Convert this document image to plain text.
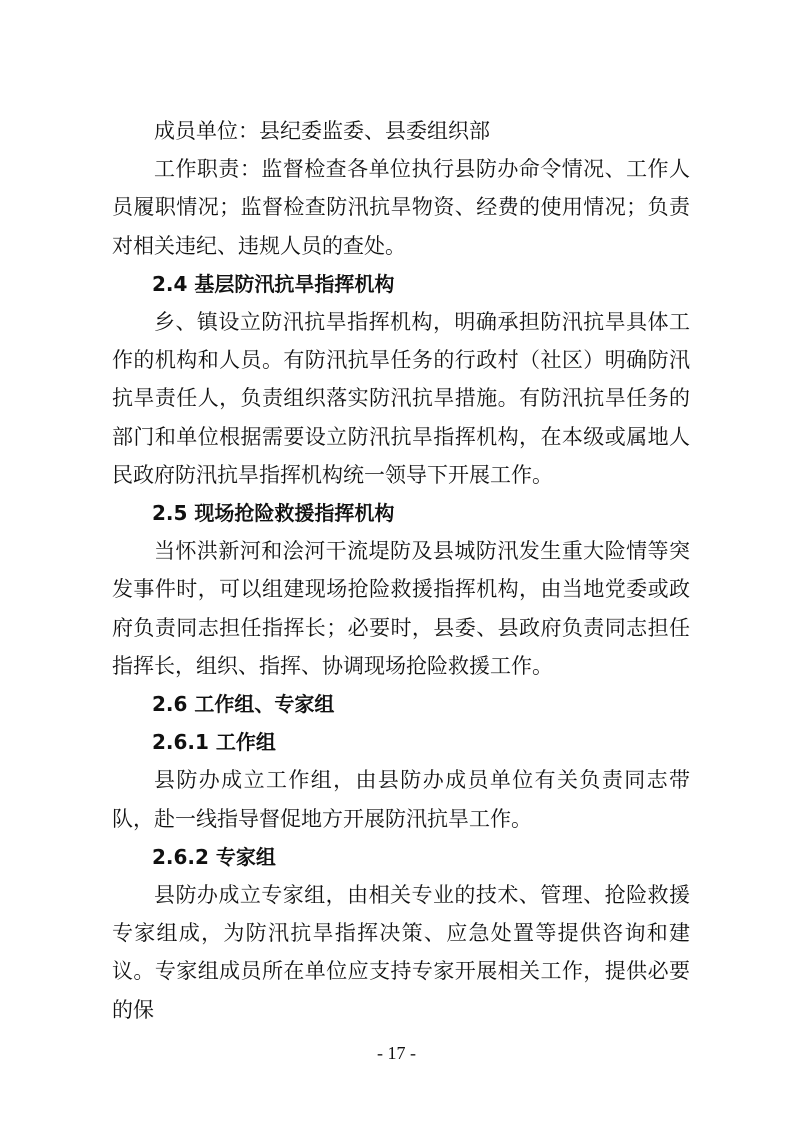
成员单位：县纪委监委、县委组织部

工作职责：监督检查各单位执行县防办命令情况、工作人员履职情况；监督检查防汛抗旱物资、经费的使用情况；负责对相关违纪、违规人员的查处。

2.4 基层防汛抗旱指挥机构

乡、镇设立防汛抗旱指挥机构，明确承担防汛抗旱具体工作的机构和人员。有防汛抗旱任务的行政村（社区）明确防汛抗旱责任人，负责组织落实防汛抗旱措施。有防汛抗旱任务的部门和单位根据需要设立防汛抗旱指挥机构，在本级或属地人民政府防汛抗旱指挥机构统一领导下开展工作。

2.5 现场抢险救援指挥机构

当怀洪新河和浍河干流堤防及县城防汛发生重大险情等突发事件时，可以组建现场抢险救援指挥机构，由当地党委或政府负责同志担任指挥长；必要时，县委、县政府负责同志担任指挥长，组织、指挥、协调现场抢险救援工作。

2.6 工作组、专家组

2.6.1 工作组

县防办成立工作组，由县防办成员单位有关负责同志带队，赴一线指导督促地方开展防汛抗旱工作。

2.6.2 专家组

县防办成立专家组，由相关专业的技术、管理、抢险救援专家组成，为防汛抗旱指挥决策、应急处置等提供咨询和建议。专家组成员所在单位应支持专家开展相关工作，提供必要的保

- 17 -
